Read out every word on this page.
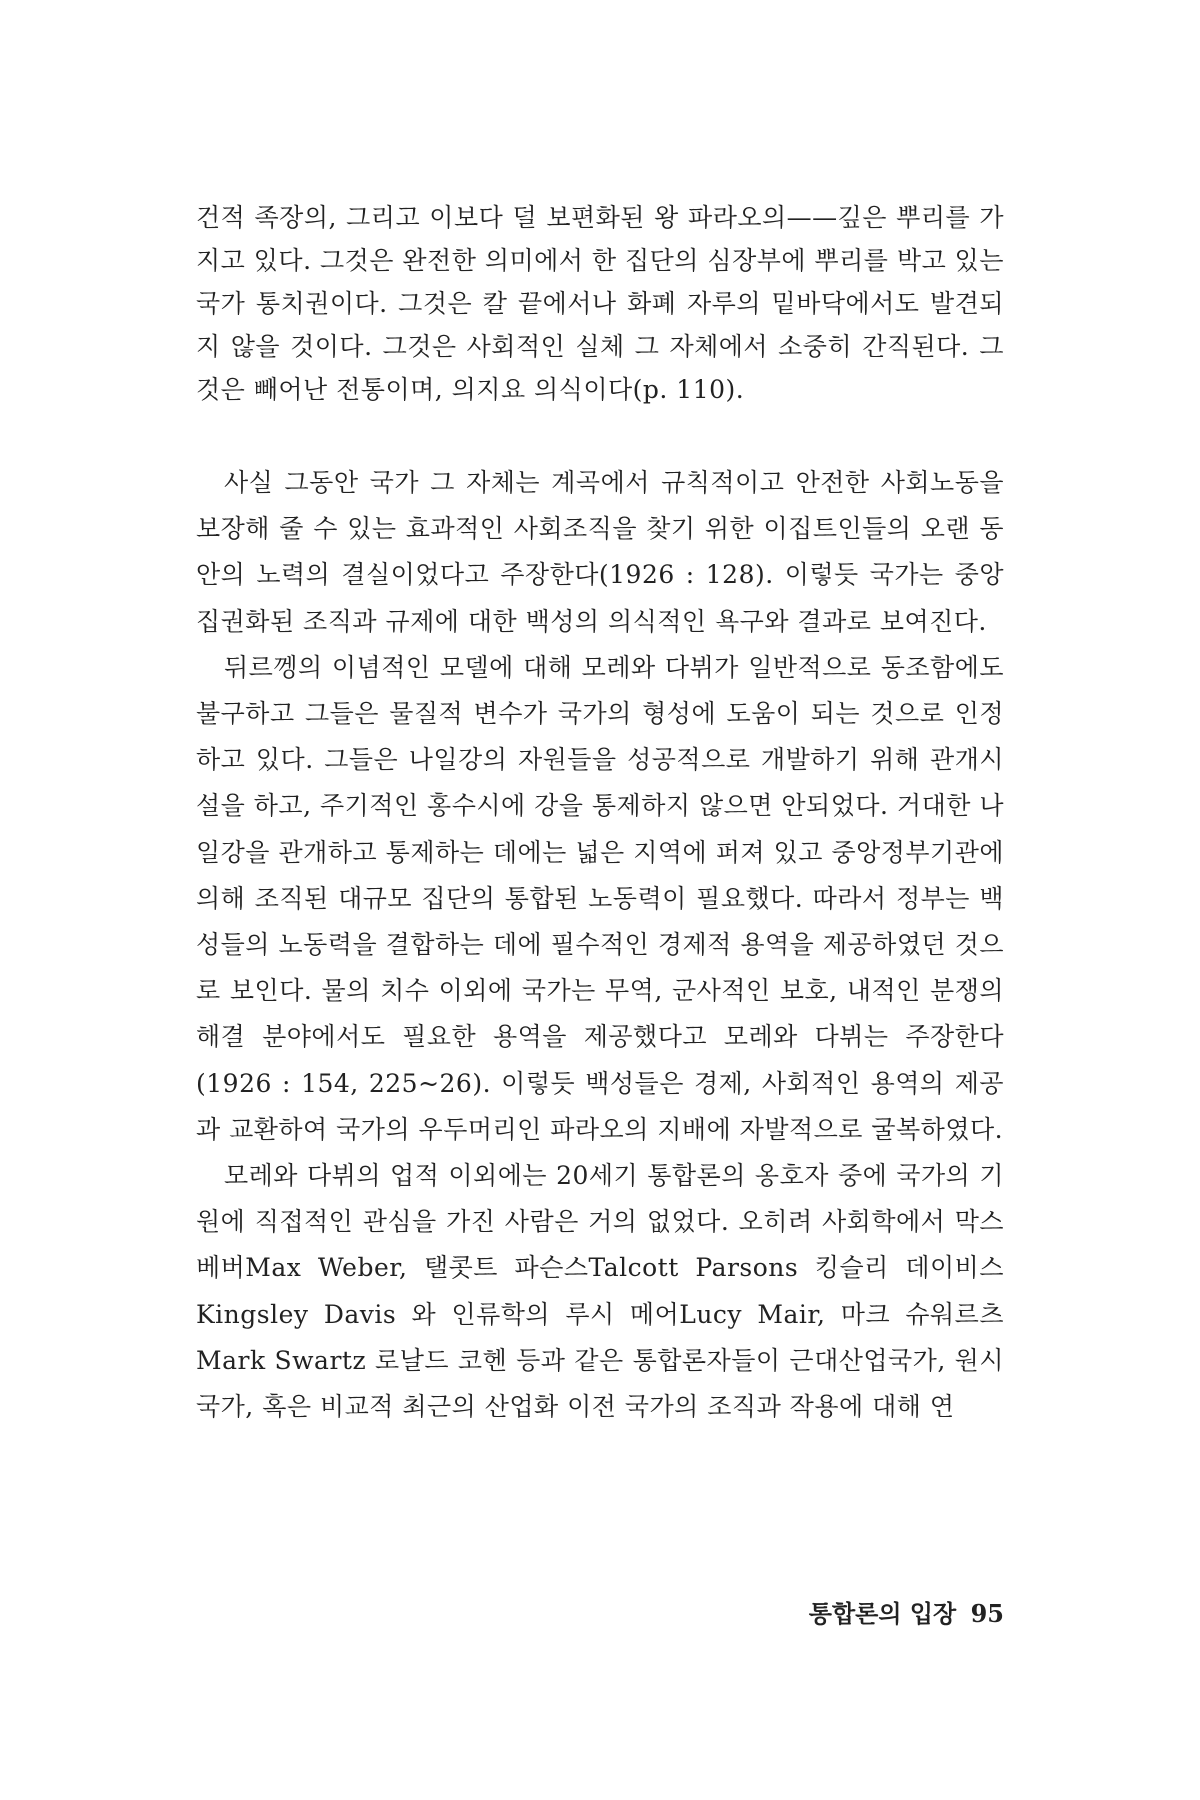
건적 족장의, 그리고 이보다 덜 보편화된 왕 파라오의——깊은 뿌리를 가지고 있다. 그것은 완전한 의미에서 한 집단의 심장부에 뿌리를 박고 있는 국가 통치권이다. 그것은 칼 끝에서나 화폐 자루의 밑바닥에서도 발견되지 않을 것이다. 그것은 사회적인 실체 그 자체에서 소중히 간직된다. 그것은 빼어난 전통이며, 의지요 의식이다(p. 110).

사실 그동안 국가 그 자체는 계곡에서 규칙적이고 안전한 사회노동을 보장해 줄 수 있는 효과적인 사회조직을 찾기 위한 이집트인들의 오랜 동안의 노력의 결실이었다고 주장한다(1926 : 128). 이렇듯 국가는 중앙집권화된 조직과 규제에 대한 백성의 의식적인 욕구와 결과로 보여진다.

뒤르껭의 이념적인 모델에 대해 모레와 다뷔가 일반적으로 동조함에도 불구하고 그들은 물질적 변수가 국가의 형성에 도움이 되는 것으로 인정하고 있다. 그들은 나일강의 자원들을 성공적으로 개발하기 위해 관개시설을 하고, 주기적인 홍수시에 강을 통제하지 않으면 안되었다. 거대한 나일강을 관개하고 통제하는 데에는 넓은 지역에 퍼져 있고 중앙정부기관에 의해 조직된 대규모 집단의 통합된 노동력이 필요했다. 따라서 정부는 백성들의 노동력을 결합하는 데에 필수적인 경제적 용역을 제공하였던 것으로 보인다. 물의 치수 이외에 국가는 무역, 군사적인 보호, 내적인 분쟁의 해결 분야에서도 필요한 용역을 제공했다고 모레와 다뷔는 주장한다(1926 : 154, 225~26). 이렇듯 백성들은 경제, 사회적인 용역의 제공과 교환하여 국가의 우두머리인 파라오의 지배에 자발적으로 굴복하였다.

모레와 다뷔의 업적 이외에는 20세기 통합론의 옹호자 중에 국가의 기원에 직접적인 관심을 가진 사람은 거의 없었다. 오히려 사회학에서 막스 베버Max Weber, 탤콧트 파슨스Talcott Parsons 킹슬리 데이비스Kingsley Davis 와 인류학의 루시 메어Lucy Mair, 마크 슈워르츠Mark Swartz 로날드 코헨 등과 같은 통합론자들이 근대산업국가, 원시국가, 혹은 비교적 최근의 산업화 이전 국가의 조직과 작용에 대해 연

통합론의 입장 95
